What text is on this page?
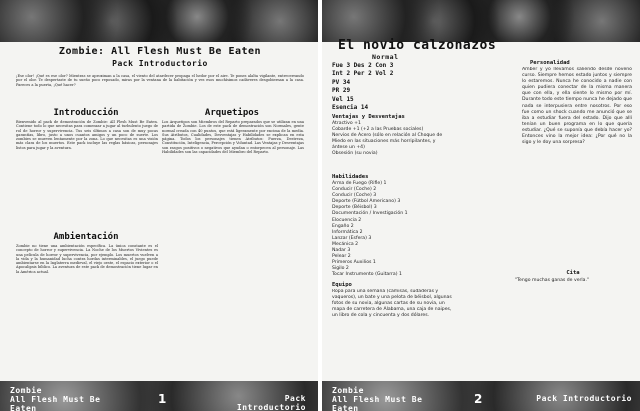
Zombie: All Flesh Must Be Eaten
Pack Introductorio
¡Ese olor! ¡Qué es ese olor? Mientras se aproximan a la casa, el viento del atardecer propaga el hedor por el aire. Te pones alalta vigilante, entrecerrando por el olor. Te despertaste de tu sueño poco reposado, miras por la ventana de la habitación y ves esos muchísimos cadáveres desgobiernan a la casa. Pareces a la puerta, ¡Qué hacer?
Introducción
Bienvenido al pack de demostración de Zombie: All Flesh Must Be Eaten. Contiene todo lo que necesitas para comenzar a jugar al turbulento juego de rol de horror y supervivencia. Tus seis últimos a casa son de muy pocas garantías, libro, justo a unos cuantos amigos y un poco de suerte. Los zombies se mueven lentamente por la zona. Lo que necesitas es una visión más clara de los muertos. Este pack incluye las reglas básicas, personajes listos para jugar y la aventura.
Ambientación
Zombie no tiene una ambientación específica. La única constante es el concepto de horror y supervivencia. La Noche de los Muertos Vivientes es una película de horror y supervivencia, por ejemplo. Los muertos vuelven a la vida y la humanidad lucha contra hordas interminables, el juego puede ambientarse en la Inglaterra medieval, el viejo oeste, el espacio exterior o el Apocalipsis bíblico. La aventura de este pack de demostración tiene lugar en la América actual.
Arquetipos
Los Arquetipos son Miembros del Reparto preparados que se utilizan en una partida de Zombie. Los de este pack de demostración son Normales, gente normal creada con 40 puntos, que está ligeramente por encima de la media. Sus Atributos, Cualidades, Desventajas y Habilidades se explican en esta página. Todos los personajes tienen Atributos: Fuerza, Destreza, Constitución, Inteligencia, Percepción y Voluntad. Las Ventajas y Desventajas son rasgos positivos o negativos que ayudan o entorpecen al personaje. Las Habilidades son las capacidades del Miembro del Reparto.
Zombie
All Flesh Must Be Eaten
Pack Introductorio
1
El novio calzonazos
Normal
Fue 3 Des 2 Con 3
Int 2 Per 2 Vol 2
PV 34
PR 29
Vel 15
Esencia 14
Ventajas y Desventajas
Atractivo +1
Cobarde +1 (+2 a las Pruebas sociales)
Nervios de Acero (sólo en relación al Choque de Miedo en las situaciones más horripilantes, y ántese un +4)
Obsesión (su novia)
Habilidades
Arma de Fuego (Rifle) 1
Conducir (Coche) 2
Conducir (Coche) 3
Deporte (Fútbol Americano) 3
Deporte (Béisbol) 3
Documentación / Investigación 1
Elocuencia 2
Engaño 2
Informática 2
Lanzar (Esfera) 3
Mecánica 2
Nadar 3
Pelear 2
Primeros Auxilios 1
Sigilo 2
Tocar Instrumento (Guitarra) 1
Equipo
Ropa para una semana (camisas, sudaderas y vaqueros), un bate y una pelota de béisbol, algunas fotos de su novia, algunas cartas de su novia, un mapa de carretera de Alabama, una caja de naipes, un libro de cola y cincuenta y dos dólares.
Personalidad
Amber y yo llevamos saliendo desde noveno curso. Siempre hemos estado juntos y siempre lo estaremos. Nunca he conocido a nadie con quien pudiera conectar de la misma manera que con ella, y ella siente lo mismo por mí. Durante todo este tiempo nunca he dejado que nada se interpusiera entre nosotros. Por eso fue como un shock cuando me anunció que se iba a estudiar fuera del estado. Dijo que allí tenían un buen programa en lo que quería estudiar. ¿Qué se suponía que debía hacer yo? Entonces vino la mejor idea: ¿Por qué no la sigo y le doy una sorpresa?
Cita
"Tengo muchas ganas de verla."
Zombie
All Flesh Must Be Eaten
Pack Introductorio
2
